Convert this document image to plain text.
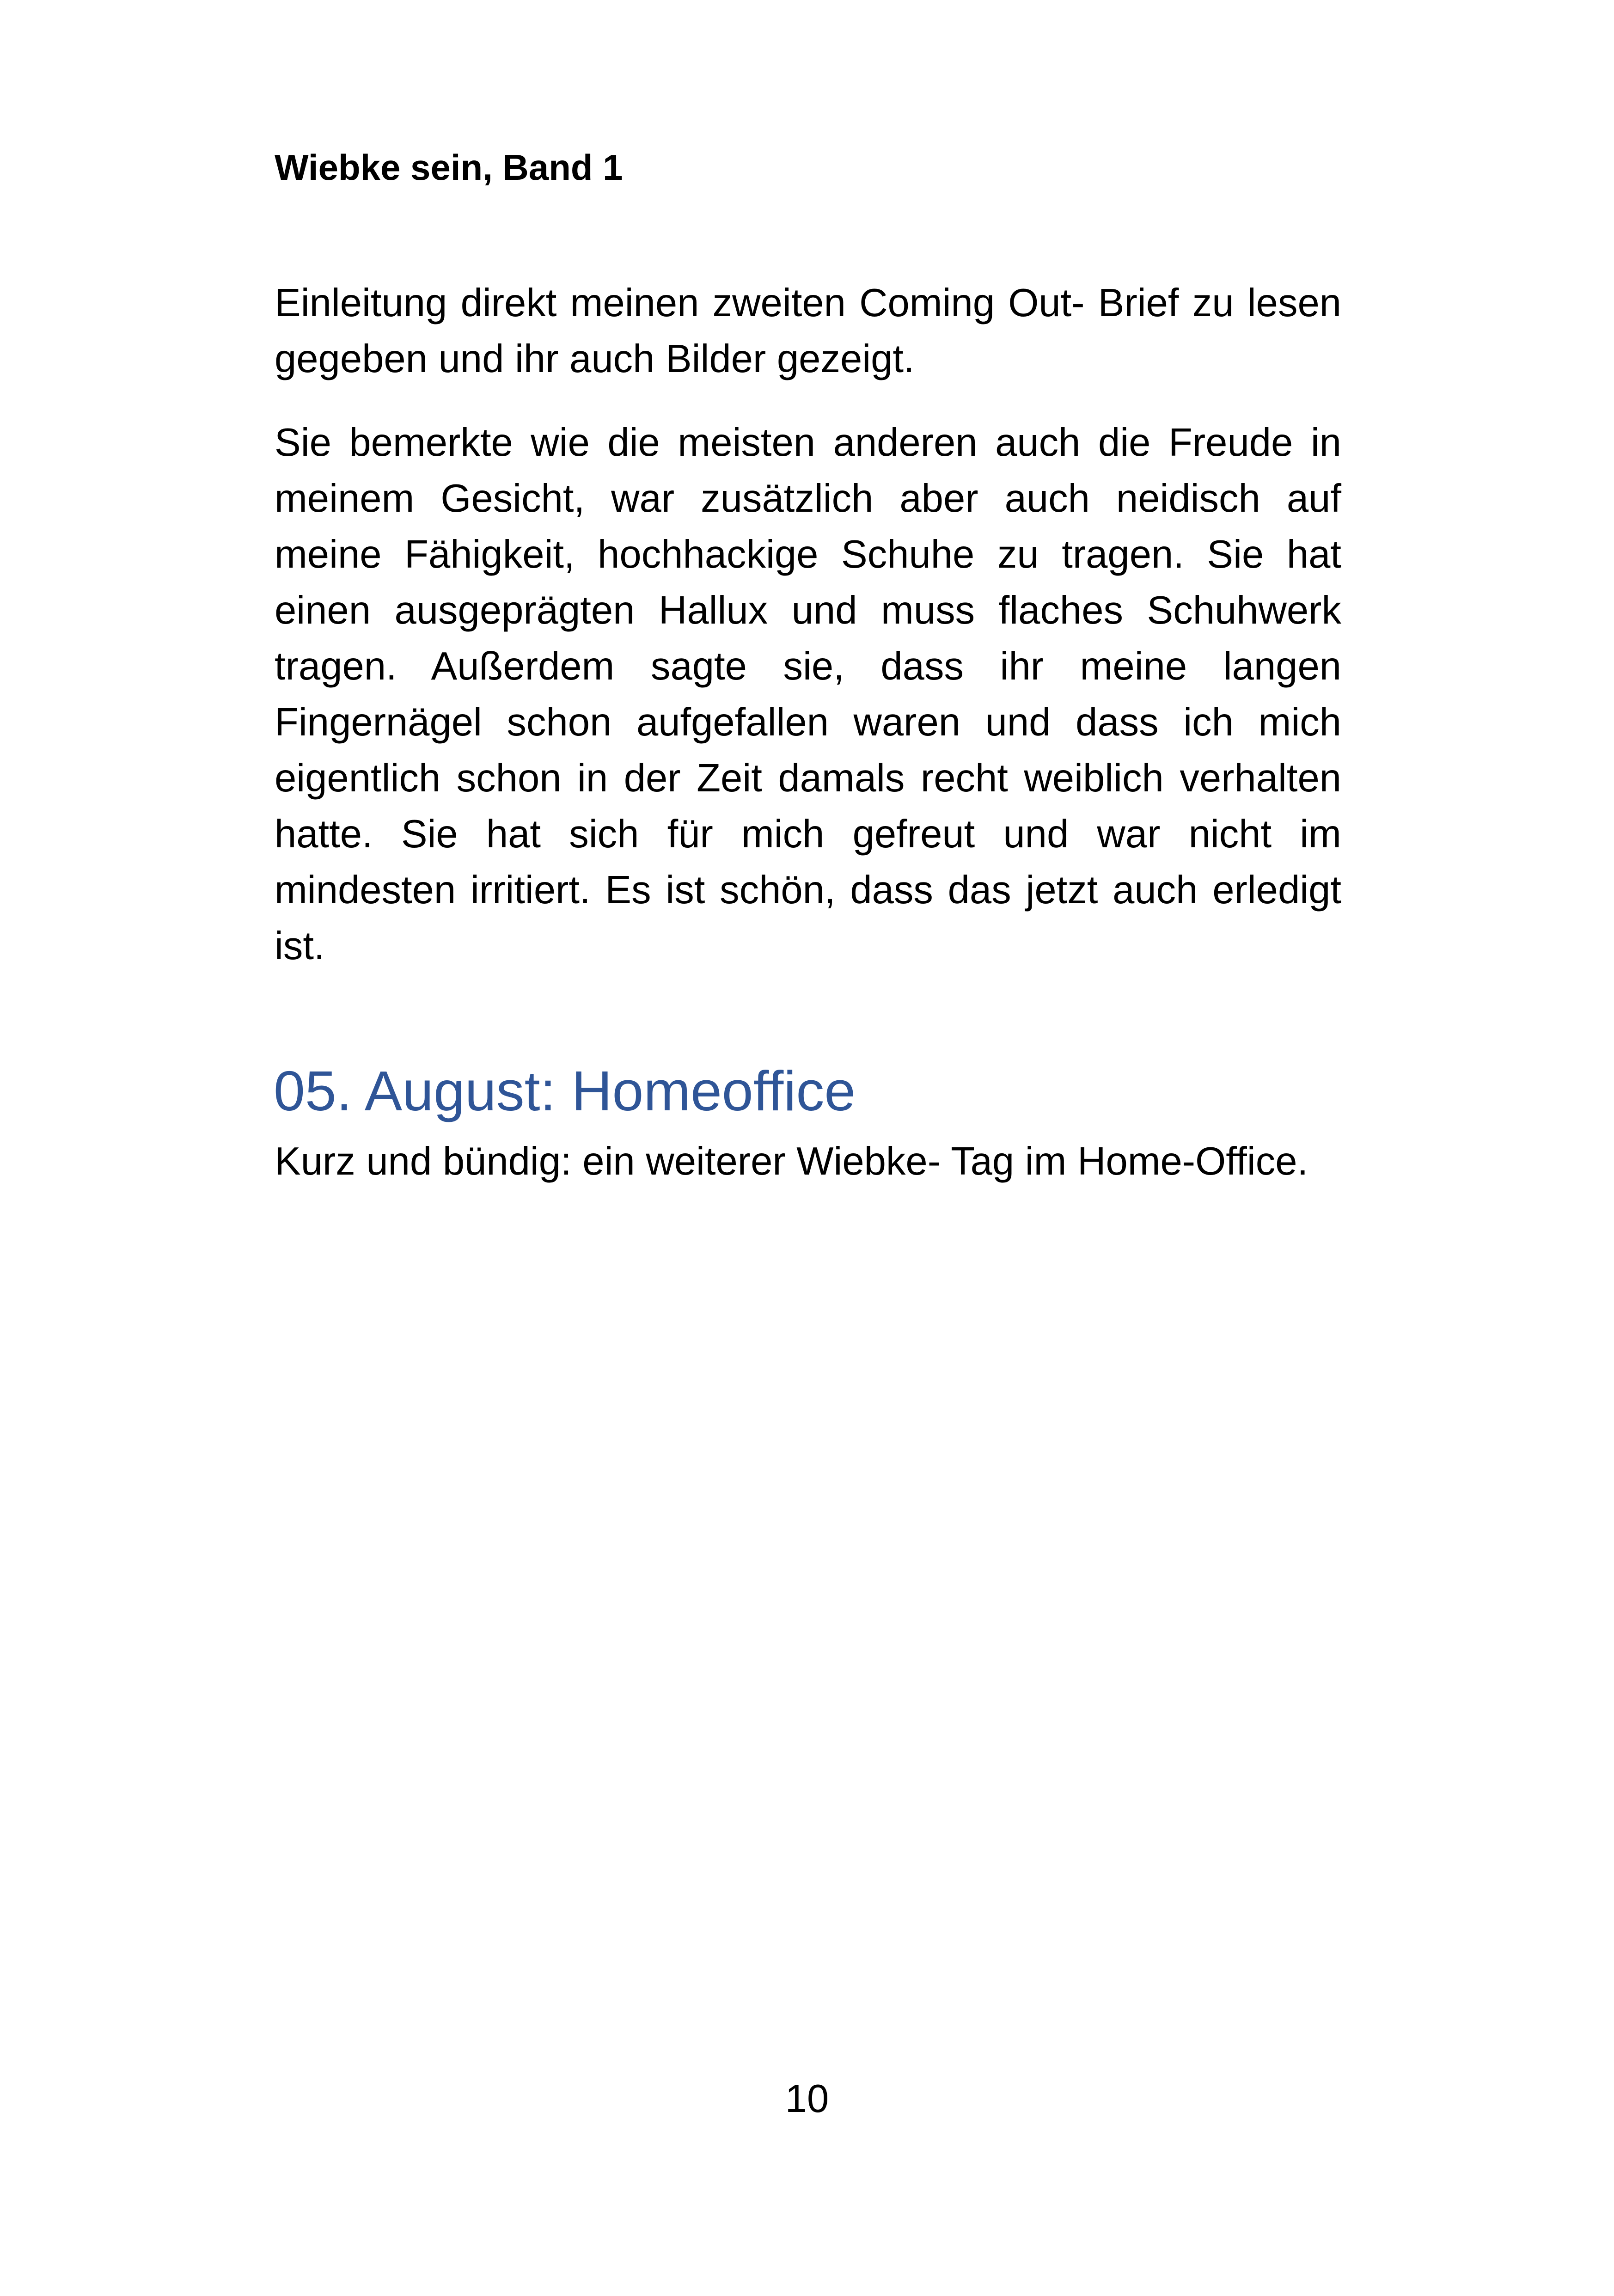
Wiebke sein, Band 1

Einleitung direkt meinen zweiten Coming Out- Brief zu lesen gegeben und ihr auch Bilder gezeigt.

Sie bemerkte wie die meisten anderen auch die Freude in meinem Gesicht, war zusätzlich aber auch neidisch auf meine Fähigkeit, hochhackige Schuhe zu tragen. Sie hat einen ausgeprägten Hallux und muss flaches Schuhwerk tragen. Außerdem sagte sie, dass ihr meine langen Fingernägel schon aufgefallen waren und dass ich mich eigentlich schon in der Zeit damals recht weiblich verhalten hatte. Sie hat sich für mich gefreut und war nicht im mindesten irritiert. Es ist schön, dass das jetzt auch erledigt ist.

05. August: Homeoffice
Kurz und bündig: ein weiterer Wiebke- Tag im Home-Office.
10
